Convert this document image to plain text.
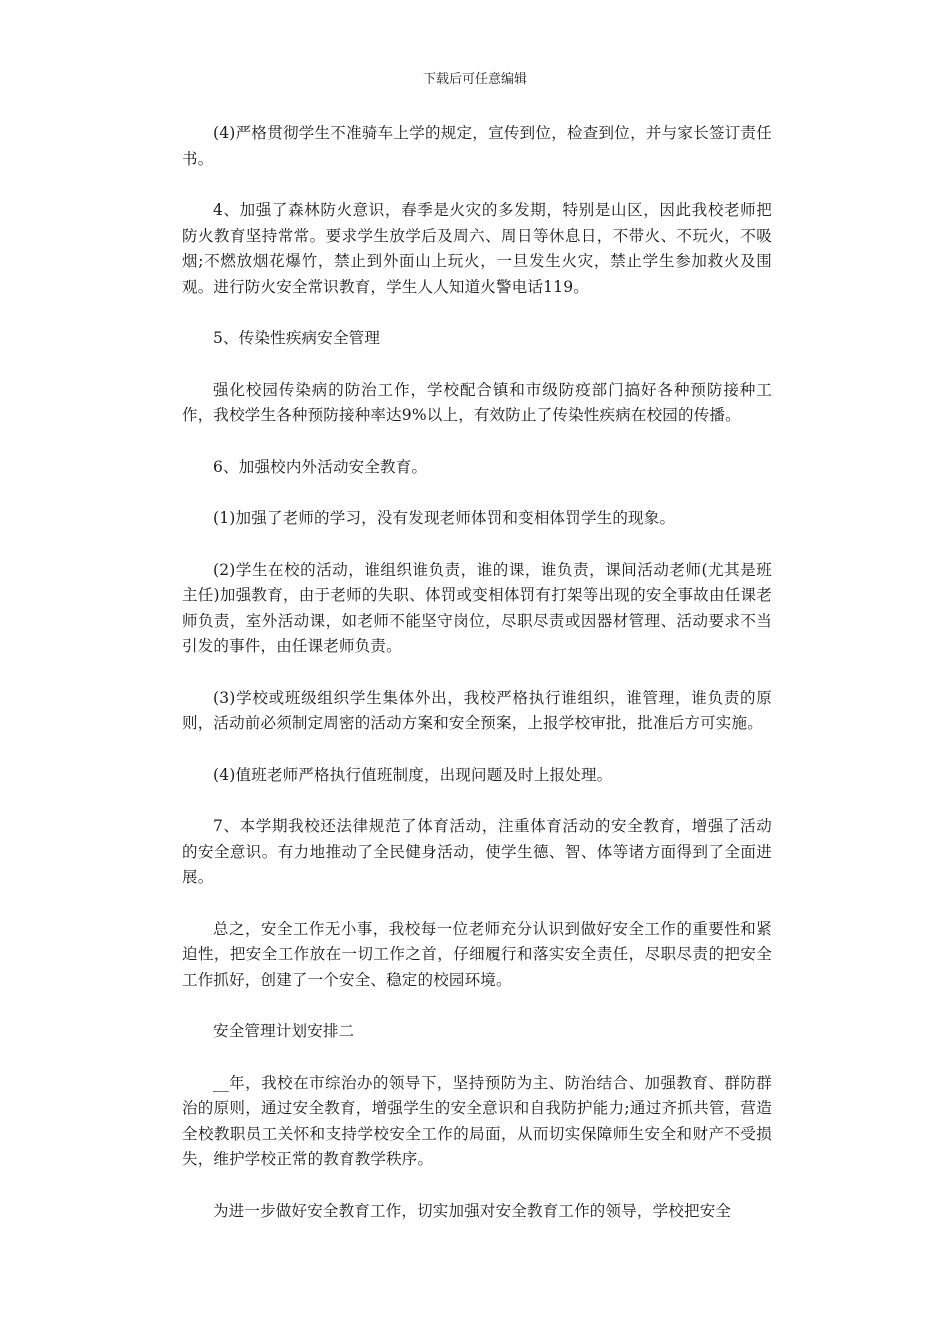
下载后可任意编辑

(4)严格贯彻学生不准骑车上学的规定，宣传到位，检查到位，并与家长签订责任书。

4、加强了森林防火意识，春季是火灾的多发期，特别是山区，因此我校老师把防火教育坚持常常。要求学生放学后及周六、周日等休息日，不带火、不玩火，不吸烟;不燃放烟花爆竹，禁止到外面山上玩火，一旦发生火灾，禁止学生参加救火及围观。进行防火安全常识教育，学生人人知道火警电话119。

5、传染性疾病安全管理

强化校园传染病的防治工作，学校配合镇和市级防疫部门搞好各种预防接种工作，我校学生各种预防接种率达9%以上，有效防止了传染性疾病在校园的传播。

6、加强校内外活动安全教育。

(1)加强了老师的学习，没有发现老师体罚和变相体罚学生的现象。

(2)学生在校的活动，谁组织谁负责，谁的课，谁负责，课间活动老师(尤其是班主任)加强教育，由于老师的失职、体罚或变相体罚有打架等出现的安全事故由任课老师负责，室外活动课，如老师不能坚守岗位，尽职尽责或因器材管理、活动要求不当引发的事件，由任课老师负责。

(3)学校或班级组织学生集体外出，我校严格执行谁组织，谁管理，谁负责的原则，活动前必须制定周密的活动方案和安全预案，上报学校审批，批准后方可实施。

(4)值班老师严格执行值班制度，出现问题及时上报处理。

7、本学期我校还法律规范了体育活动，注重体育活动的安全教育，增强了活动的安全意识。有力地推动了全民健身活动，使学生德、智、体等诸方面得到了全面进展。

总之，安全工作无小事，我校每一位老师充分认识到做好安全工作的重要性和紧迫性，把安全工作放在一切工作之首，仔细履行和落实安全责任，尽职尽责的把安全工作抓好，创建了一个安全、稳定的校园环境。

安全管理计划安排二

__年，我校在市综治办的领导下，坚持预防为主、防治结合、加强教育、群防群治的原则，通过安全教育，增强学生的安全意识和自我防护能力;通过齐抓共管，营造全校教职员工关怀和支持学校安全工作的局面，从而切实保障师生安全和财产不受损失，维护学校正常的教育教学秩序。

为进一步做好安全教育工作，切实加强对安全教育工作的领导，学校把安全
